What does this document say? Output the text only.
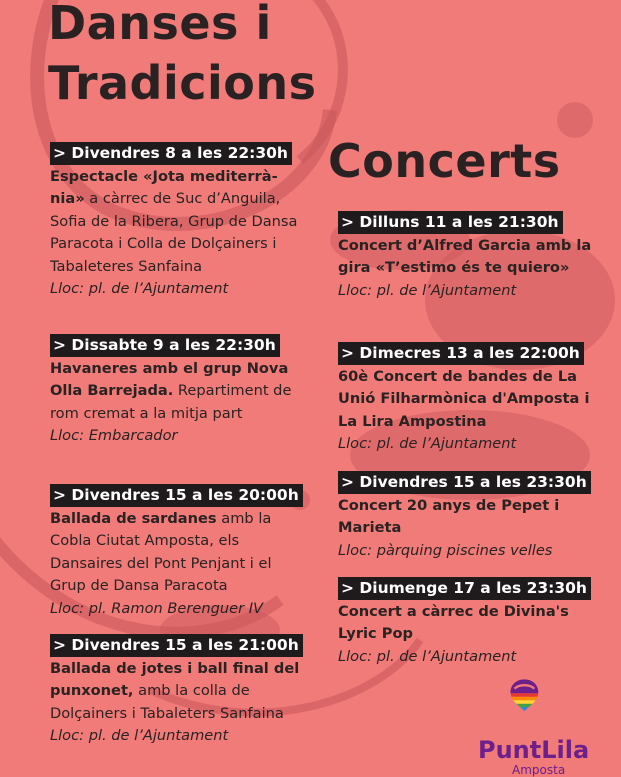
Danses i
Tradicions
Concerts
> Divendres 8 a les 22:30h

Espectacle «Jota mediterrà-nia» a càrrec de Suc d’Anguila, Sofia de la Ribera, Grup de Dansa Paracota i Colla de Dolçainers i Tabaleteres Sanfaina

Lloc: pl. de l’Ajuntament

> Dissabte 9 a les 22:30h

Havaneres amb el grup Nova Olla Barrejada. Repartiment de rom cremat a la mitja part

Lloc: Embarcador

> Divendres 15 a les 20:00h

Ballada de sardanes amb la Cobla Ciutat Amposta, els Dansaires del Pont Penjant i el Grup de Dansa Paracota

Lloc: pl. Ramon Berenguer IV

> Divendres 15 a les 21:00h

Ballada de jotes i ball final del punxonet, amb la colla de Dolçainers i Tabaleters Sanfaina

Lloc: pl. de l’Ajuntament

> Dilluns 11 a les 21:30h

Concert d’Alfred Garcia amb la gira «T’estimo és te quiero»

Lloc: pl. de l’Ajuntament

> Dimecres 13 a les 22:00h

60è Concert de bandes de La Unió Filharmònica d'Amposta i La Lira Ampostina

Lloc: pl. de l’Ajuntament

> Divendres 15 a les 23:30h

Concert 20 anys de Pepet i Marieta

Lloc: pàrquing piscines velles

> Diumenge 17 a les 23:30h

Concert a càrrec de Divina's Lyric Pop

Lloc: pl. de l’Ajuntament

PuntLila
Amposta
